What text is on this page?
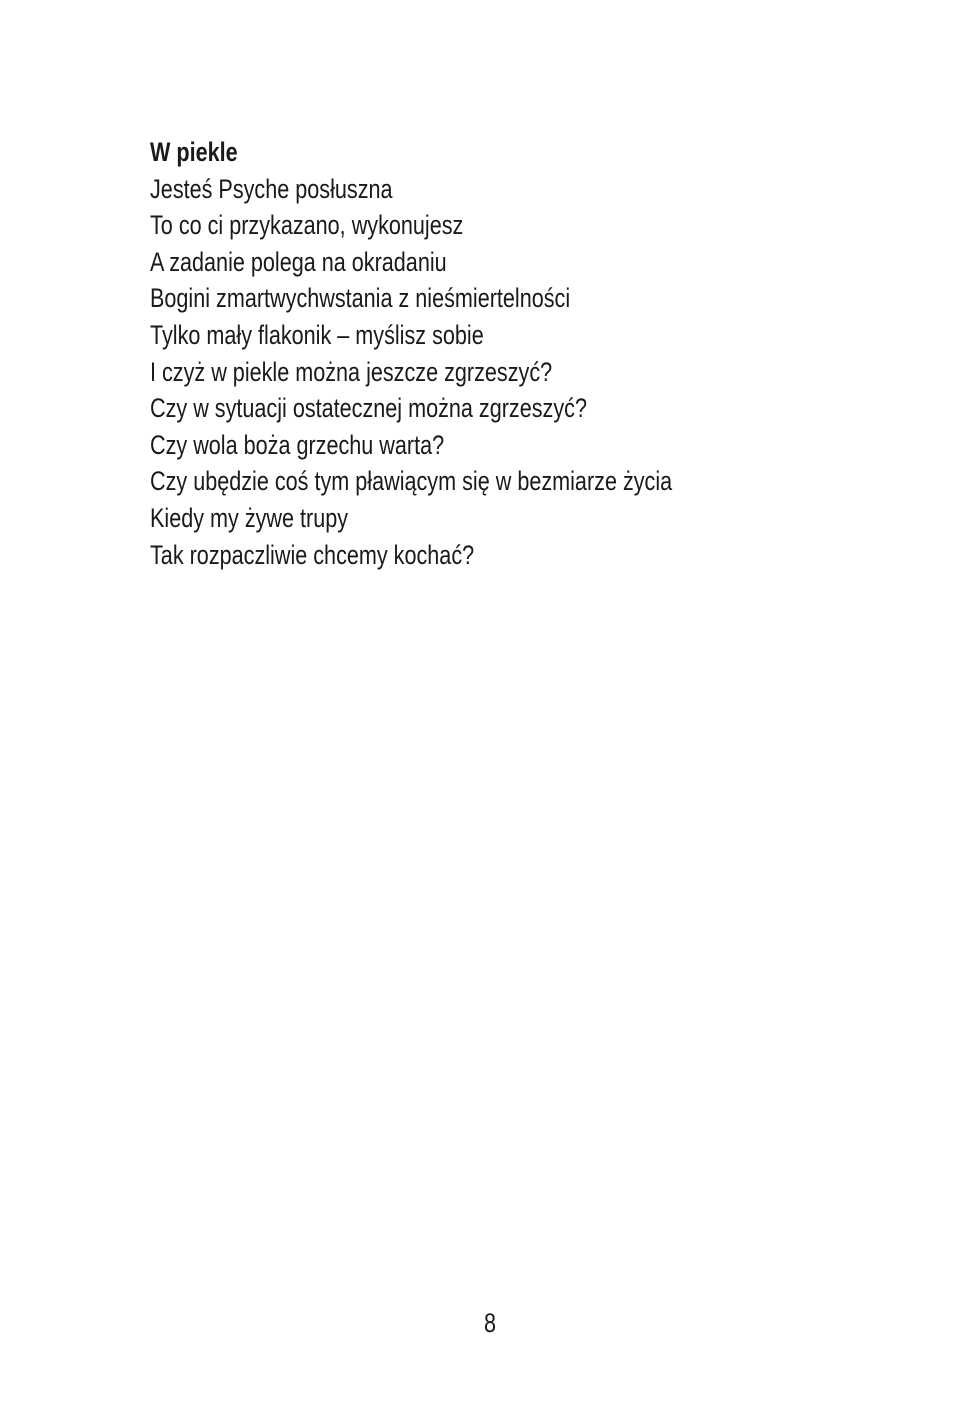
W piekle
Jesteś Psyche posłuszna
To co ci przykazano, wykonujesz
A zadanie polega na okradaniu
Bogini zmartwychwstania z nieśmiertelności
Tylko mały flakonik – myślisz sobie
I czyż w piekle można jeszcze zgrzeszyć?
Czy w sytuacji ostatecznej można zgrzeszyć?
Czy wola boża grzechu warta?
Czy ubędzie coś tym pławiącym się w bezmiarze życia
Kiedy my żywe trupy
Tak rozpaczliwie chcemy kochać?
8
